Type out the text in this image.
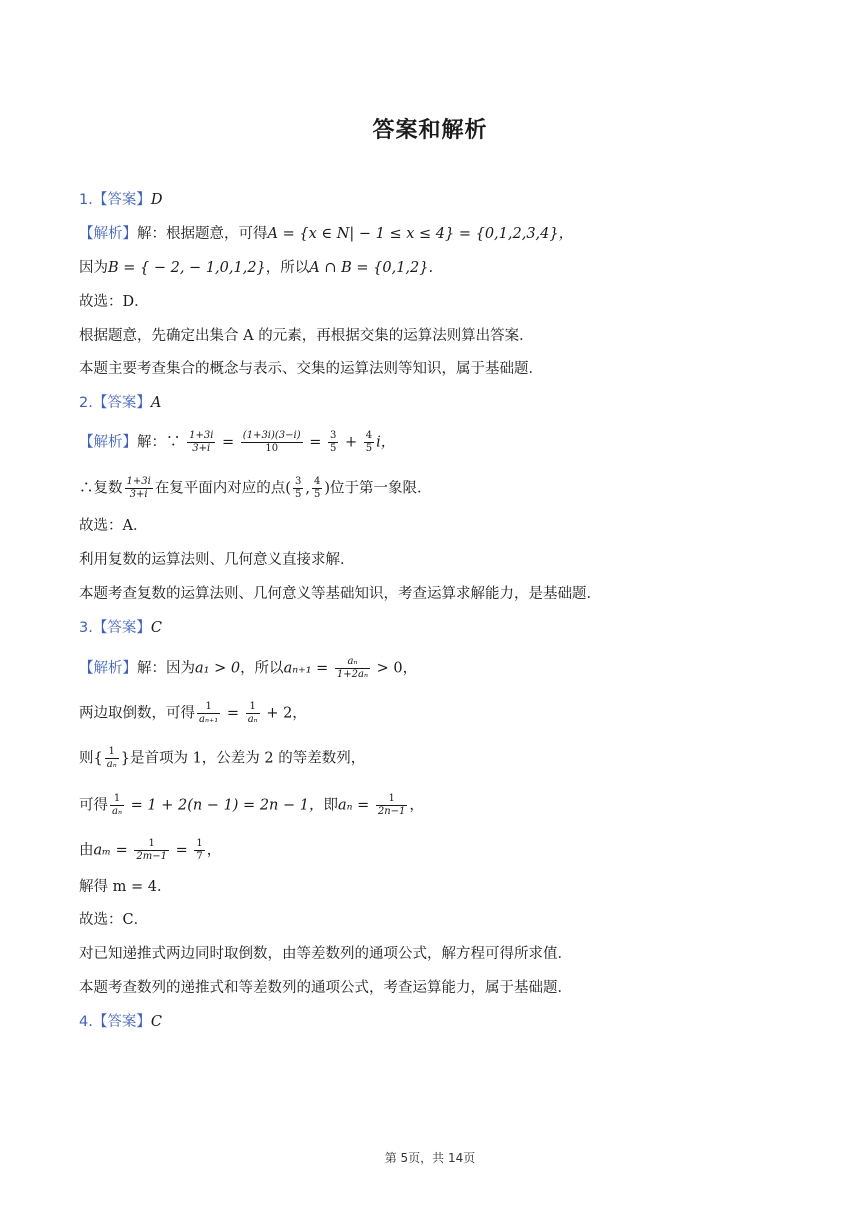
答案和解析
1.【答案】D
【解析】解：根据题意，可得A = {x ∈ N| − 1 ≤ x ≤ 4} = {0,1,2,3,4}，
因为B = { − 2, − 1,0,1,2}，所以A ∩ B = {0,1,2}.
故选：D．
根据题意，先确定出集合 A 的元素，再根据交集的运算法则算出答案．
本题主要考查集合的概念与表示、交集的运算法则等知识，属于基础题．
2.【答案】A
【解析】解：∵ $\frac{1+3i}{3+i} = \frac{(1+3i)(3-i)}{10} = \frac{3}{5} + \frac{4}{5}$ i，
∴复数 $\frac{1+3i}{3+i}$ 在复平面内对应的点( $\frac{3}{5}$ , $\frac{4}{5}$ )位于第一象限．
故选：A．
利用复数的运算法则、几何意义直接求解．
本题考查复数的运算法则、几何意义等基础知识，考查运算求解能力，是基础题．
3.【答案】C
【解析】解：因为a₁ > 0，所以$a_{n+1} = \frac{\text{aₙ}}{\text{1+2aₙ}} > 0$，
两边取倒数，可得 $\frac{1}{\text{aₙ₊₁}} = \frac{1}{\text{aₙ}} + 2$，
则{ $\frac{1}{\text{aₙ}}$ }是首项为 1，公差为 2 的等差数列，
可得 $\frac{1}{\text{aₙ}} = 1 + 2(n - 1) = 2n - 1$，即$a_n = \frac{1}{2n-1}$ ，
由$a_m = \frac{1}{2m-1} = \frac{1}{7}$ ，
解得 m = 4．
故选：C．
对已知递推式两边同时取倒数，由等差数列的通项公式，解方程可得所求值．
本题考查数列的递推式和等差数列的通项公式，考查运算能力，属于基础题．
4.【答案】C
第 5页，共 14页
